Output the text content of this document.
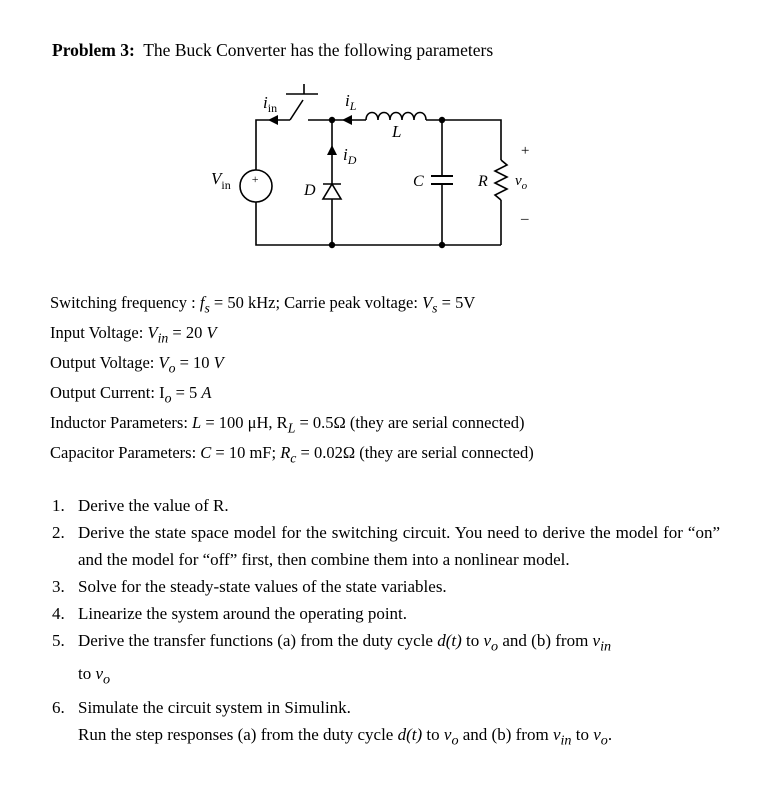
Problem 3: The Buck Converter has the following parameters
$i_{in}$	$i_L$
L
$i_D$
C	R
D
$V_{in}$	$v_o$
+
–
+
Switching frequency : $f_s = 50$ kHz; Carrie peak voltage: $V_s = 5V$
Input Voltage: $V_{in} = 20$ V
Output Voltage: $V_o = 10$ V
Output Current: $I_o = 5$ A
Inductor Parameters: L = 100 μH, $R_L = 0.5\Omega$ (they are serial connected)
Capacitor Parameters: C = 10 mF; $R_c = 0.02\Omega$ (they are serial connected)
1. Derive the value of R.
2. Derive the state space model for the switching circuit. You need to derive the model for “on” and the model for “off” first, then combine them into a nonlinear model.
3. Solve for the steady-state values of the state variables.
4. Linearize the system around the operating point.
5. Derive the transfer functions (a) from the duty cycle d(t) to $v_o$ and (b) from $v_{in}$
to $v_o$
6. Simulate the circuit system in Simulink.
Run the step responses (a) from the duty cycle d(t) to $v_o$ and (b) from $v_{in}$ to $v_o$.
